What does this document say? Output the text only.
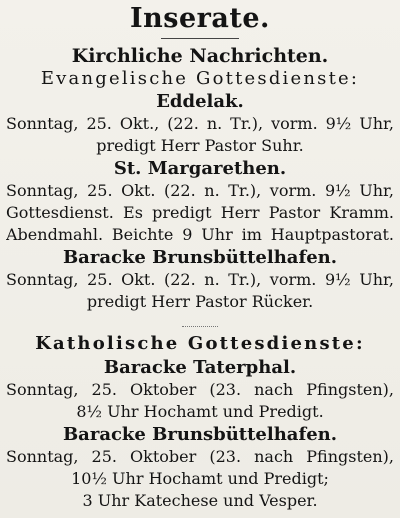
Inserate.
Kirchliche Nachrichten.
Evangelische Gottesdienste:
Eddelak.
Sonntag, 25. Okt., (22. n. Tr.), vorm. 9½ Uhr,
predigt Herr Pastor Suhr.
St. Margarethen.
Sonntag, 25. Okt. (22. n. Tr.), vorm. 9½ Uhr,
Gottesdienst. Es predigt Herr Pastor Kramm.
Abendmahl. Beichte 9 Uhr im Hauptpastorat.
Baracke Brunsbüttelhafen.
Sonntag, 25. Okt. (22. n. Tr.), vorm. 9½ Uhr,
predigt Herr Pastor Rücker.
Katholische Gottesdienste:
Baracke Taterphal.
Sonntag, 25. Oktober (23. nach Pfingsten),
8½ Uhr Hochamt und Predigt.
Baracke Brunsbüttelhafen.
Sonntag, 25. Oktober (23. nach Pfingsten),
10½ Uhr Hochamt und Predigt;
3 Uhr Katechese und Vesper.
